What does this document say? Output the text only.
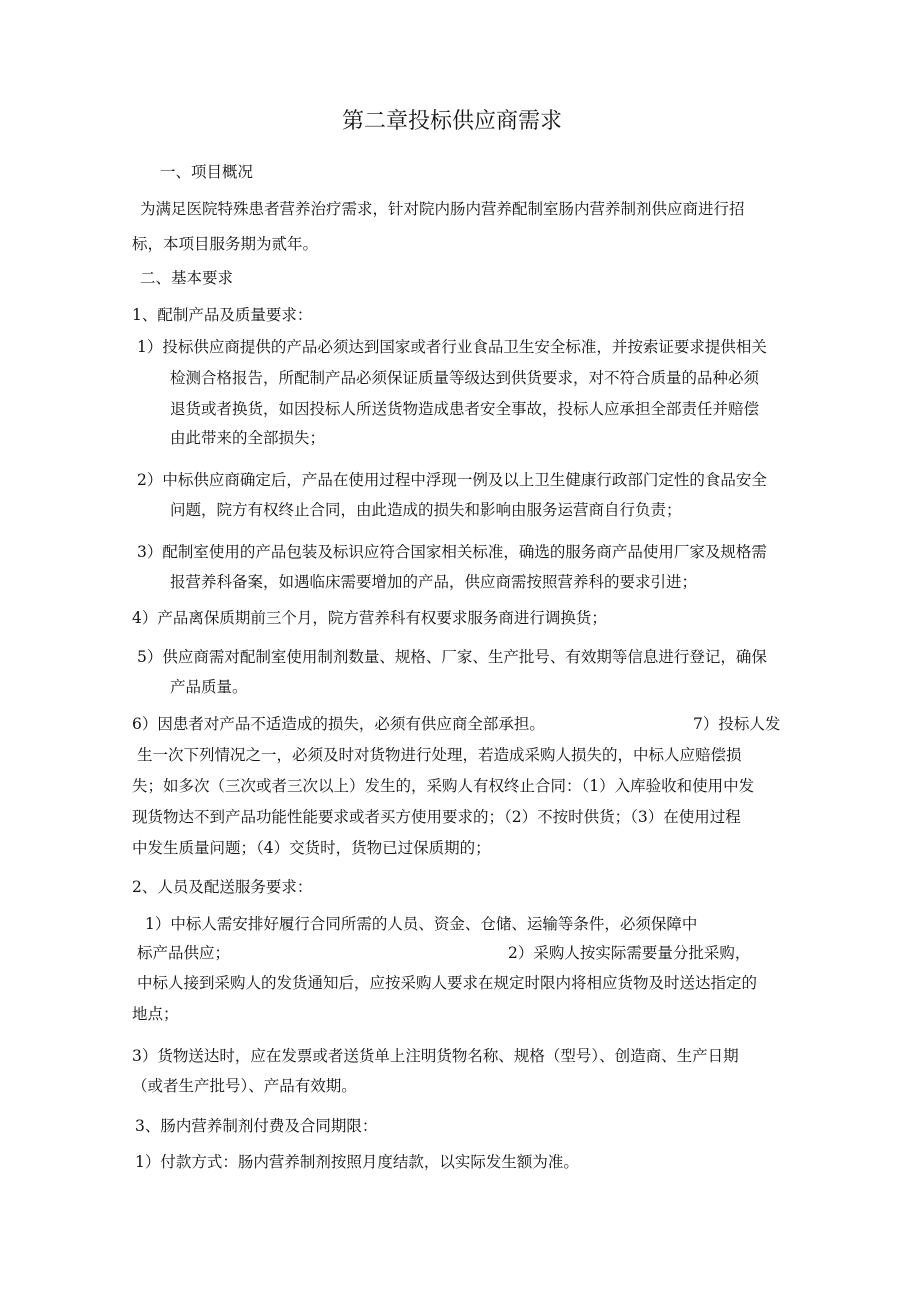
第二章投标供应商需求
一、项目概况
为满足医院特殊患者营养治疗需求，针对院内肠内营养配制室肠内营养制剂供应商进行招
标，本项目服务期为贰年。
二、基本要求
1、配制产品及质量要求：
1）投标供应商提供的产品必须达到国家或者行业食品卫生安全标准，并按索证要求提供相关
检测合格报告，所配制产品必须保证质量等级达到供货要求，对不符合质量的品种必须
退货或者换货，如因投标人所送货物造成患者安全事故，投标人应承担全部责任并赔偿
由此带来的全部损失；
2）中标供应商确定后，产品在使用过程中浮现一例及以上卫生健康行政部门定性的食品安全
问题，院方有权终止合同，由此造成的损失和影响由服务运营商自行负责；
3）配制室使用的产品包装及标识应符合国家相关标准，确选的服务商产品使用厂家及规格需
报营养科备案，如遇临床需要增加的产品，供应商需按照营养科的要求引进；
4）产品离保质期前三个月，院方营养科有权要求服务商进行调换货；
5）供应商需对配制室使用制剂数量、规格、厂家、生产批号、有效期等信息进行登记，确保
产品质量。
6）因患者对产品不适造成的损失，必须有供应商全部承担。	7）投标人发
生一次下列情况之一，必须及时对货物进行处理，若造成采购人损失的，中标人应赔偿损
失；如多次（三次或者三次以上）发生的，采购人有权终止合同：（1）入库验收和使用中发
现货物达不到产品功能性能要求或者买方使用要求的；（2）不按时供货；（3）在使用过程
中发生质量问题；（4）交货时，货物已过保质期的；
2、人员及配送服务要求：
1）中标人需安排好履行合同所需的人员、资金、仓储、运输等条件，必须保障中
标产品供应；	2）采购人按实际需要量分批采购，
中标人接到采购人的发货通知后，应按采购人要求在规定时限内将相应货物及时送达指定的
地点；
3）货物送达时，应在发票或者送货单上注明货物名称、规格（型号）、创造商、生产日期
（或者生产批号）、产品有效期。
3、肠内营养制剂付费及合同期限：
1）付款方式：肠内营养制剂按照月度结款，以实际发生额为准。
